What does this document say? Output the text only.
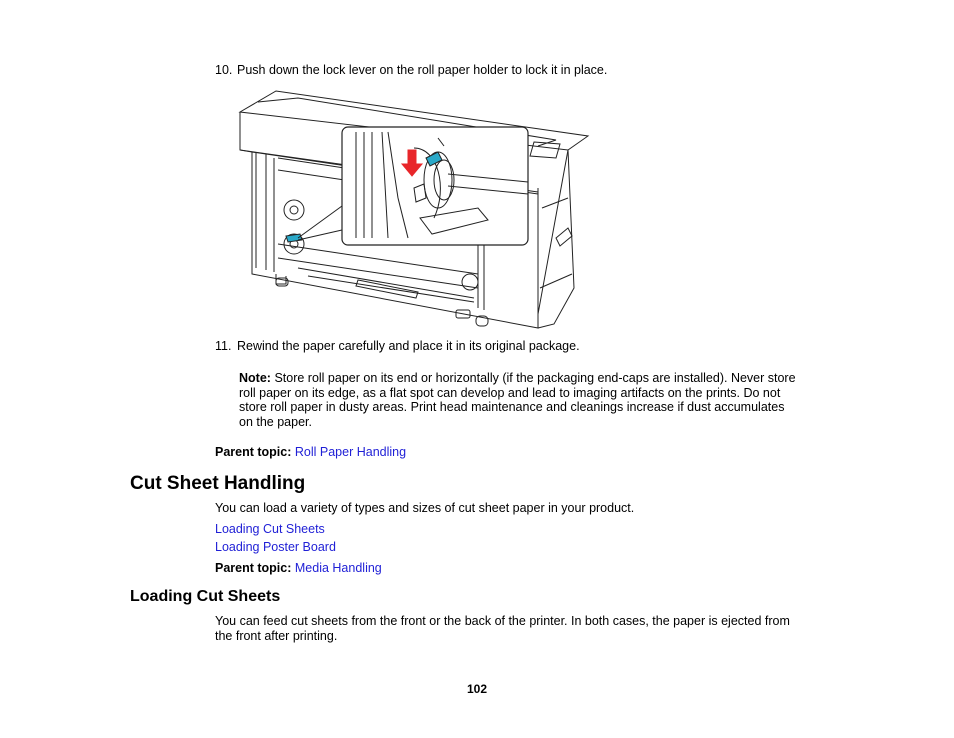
10. Push down the lock lever on the roll paper holder to lock it in place.
11. Rewind the paper carefully and place it in its original package.
Note: Store roll paper on its end or horizontally (if the packaging end-caps are installed). Never store
roll paper on its edge, as a flat spot can develop and lead to imaging artifacts on the prints. Do not
store roll paper in dusty areas. Print head maintenance and cleanings increase if dust accumulates
on the paper.
Parent topic: Roll Paper Handling
Cut Sheet Handling
You can load a variety of types and sizes of cut sheet paper in your product.
Loading Cut Sheets
Loading Poster Board
Parent topic: Media Handling
Loading Cut Sheets
You can feed cut sheets from the front or the back of the printer. In both cases, the paper is ejected from
the front after printing.
102
